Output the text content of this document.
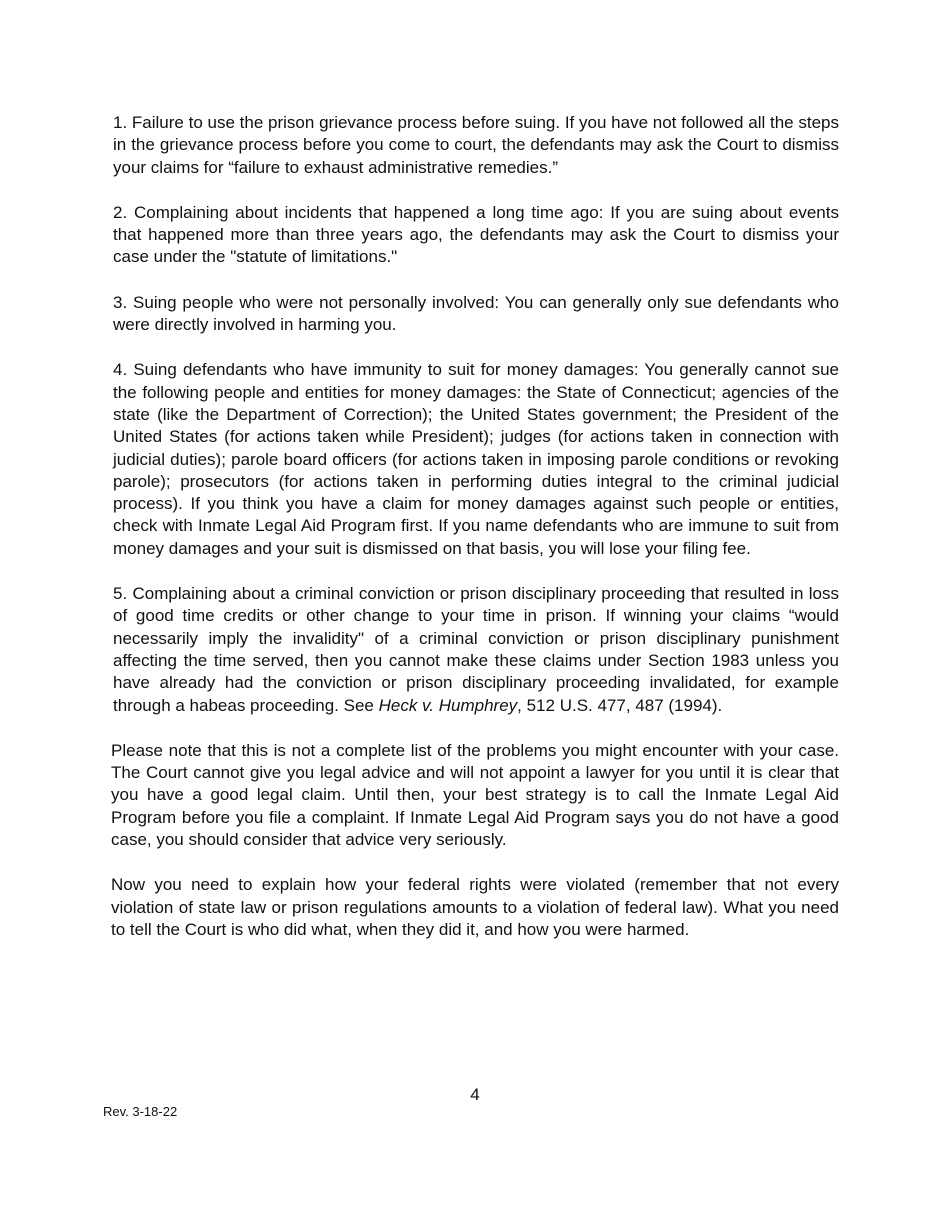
1. Failure to use the prison grievance process before suing. If you have not followed all the steps in the grievance process before you come to court, the defendants may ask the Court to dismiss your claims for “failure to exhaust administrative remedies.”

2. Complaining about incidents that happened a long time ago: If you are suing about events that happened more than three years ago, the defendants may ask the Court to dismiss your case under the "statute of limitations."

3. Suing people who were not personally involved: You can generally only sue defendants who were directly involved in harming you.

4. Suing defendants who have immunity to suit for money damages: You generally cannot sue the following people and entities for money damages: the State of Connecticut; agencies of the state (like the Department of Correction); the United States government; the President of the United States (for actions taken while President); judges (for actions taken in connection with judicial duties); parole board officers (for actions taken in imposing parole conditions or revoking parole); prosecutors (for actions taken in performing duties integral to the criminal judicial process). If you think you have a claim for money damages against such people or entities, check with Inmate Legal Aid Program first. If you name defendants who are immune to suit from money damages and your suit is dismissed on that basis, you will lose your filing fee.

5. Complaining about a criminal conviction or prison disciplinary proceeding that resulted in loss of good time credits or other change to your time in prison. If winning your claims “would necessarily imply the invalidity" of a criminal conviction or prison disciplinary punishment affecting the time served, then you cannot make these claims under Section 1983 unless you have already had the conviction or prison disciplinary proceeding invalidated, for example through a habeas proceeding. See Heck v. Humphrey, 512 U.S. 477, 487 (1994).

Please note that this is not a complete list of the problems you might encounter with your case. The Court cannot give you legal advice and will not appoint a lawyer for you until it is clear that you have a good legal claim. Until then, your best strategy is to call the Inmate Legal Aid Program before you file a complaint. If Inmate Legal Aid Program says you do not have a good case, you should consider that advice very seriously.

Now you need to explain how your federal rights were violated (remember that not every violation of state law or prison regulations amounts to a violation of federal law). What you need to tell the Court is who did what, when they did it, and how you were harmed.

4
Rev. 3-18-22
